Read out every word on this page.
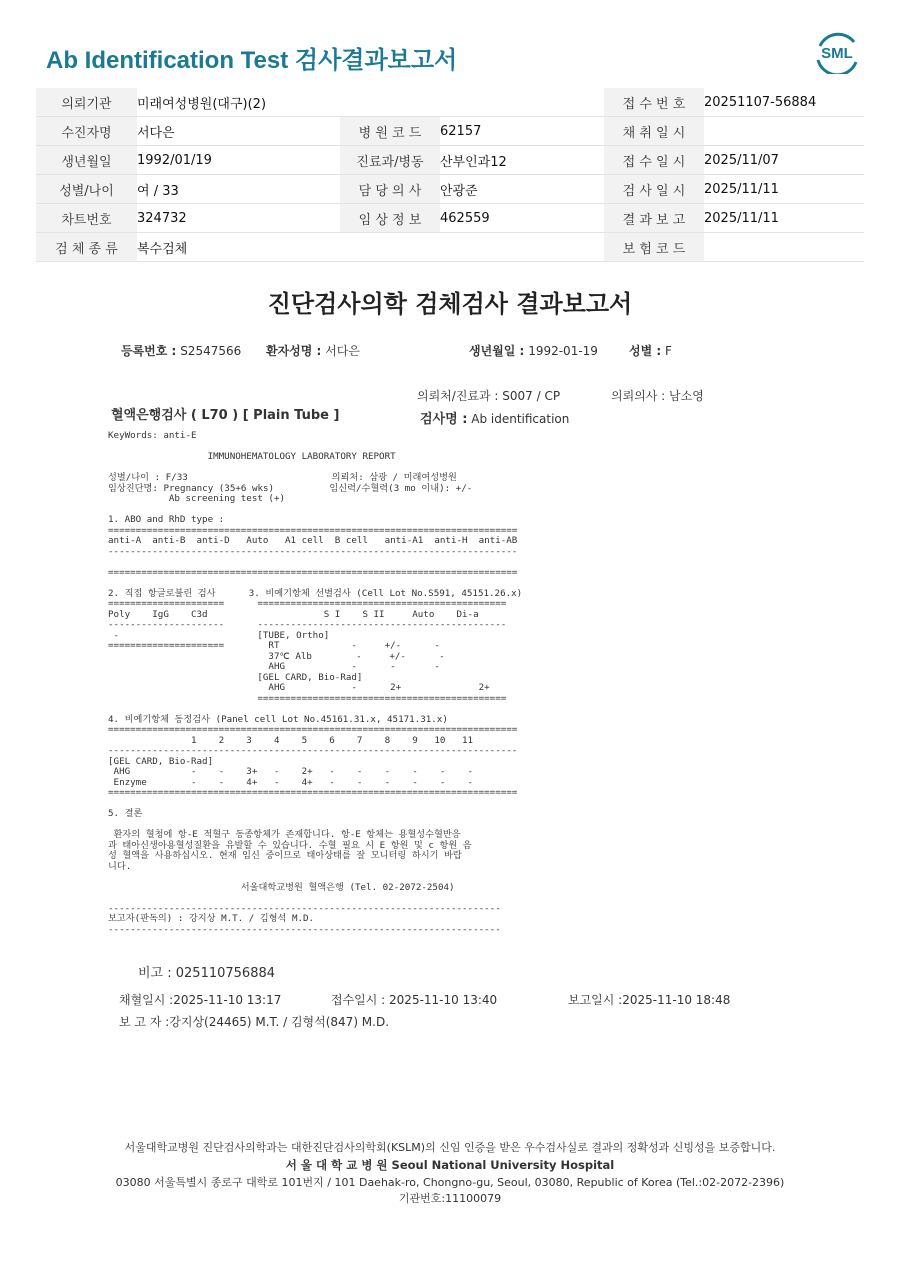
Ab Identification Test 검사결과보고서	SML
의뢰기관	미래여성병원(대구)(2)			접 수 번 호	20251107-56884
수진자명	서다은	병 원 코 드	62157	채 취 일 시	
생년월일	1992/01/19	진료과/병동	산부인과12	접 수 일 시	2025/11/07
성별/나이	여 / 33	담 당 의 사	안광준	검 사 일 시	2025/11/11
차트번호	324732	임 상 정 보	462559	결 과 보 고	2025/11/11
검 체 종 류	복수검체			보 험 코 드	
진단검사의학 검체검사 결과보고서
등록번호 : S2547566 환자성명 : 서다은	생년월일 : 1992-01-19	성별 : F
의뢰처/진료과 : S007 / CP	의뢰의사 : 남소영
혈액은행검사 ( L70 ) [ Plain Tube ]	검사명 : Ab identification
KeyWords: anti-E

IMMUNOHEMATOLOGY LABORATORY REPORT

성별/나이 : F/33                          의뢰처: 삼광 / 미래여성병원
임상진단명: Pregnancy (35+6 wks)          임신력/수혈력(3 mo 이내): +/-
Ab screening test (+)

1. ABO and RhD type :
==========================================================================
anti-A  anti-B  anti-D   Auto   A1 cell  B cell   anti-A1  anti-H  anti-AB
--------------------------------------------------------------------------

==========================================================================

2. 직접 항글로불린 검사      3. 비예기항체 선별검사 (Cell Lot No.S591, 45151.26.x)
=====================      =============================================
Poly    IgG    C3d                     S I    S II     Auto    Di-a
---------------------      ---------------------------------------------
-                         [TUBE, Ortho]
=====================        RT             -     +/-      -
37℃ Alb        -     +/-      -
AHG            -      -       -
[GEL CARD, Bio-Rad]
AHG            -      2+              2+
=============================================

4. 비예기항체 동정검사 (Panel cell Lot No.45161.31.x, 45171.31.x)
==========================================================================
1    2    3    4    5    6    7    8    9   10   11
--------------------------------------------------------------------------
[GEL CARD, Bio-Rad]
AHG           -    -    3+   -    2+   -    -    -    -    -    -
Enzyme        -    -    4+   -    4+   -    -    -    -    -    -
==========================================================================

5. 결론

환자의 혈청에 항-E 적혈구 동종항체가 존재합니다. 항-E 항체는 용혈성수혈반응
과 태아신생아용혈성질환을 유발할 수 있습니다. 수혈 필요 시 E 항원 및 c 항원 음
성 혈액을 사용하십시오. 현재 임신 중이므로 태아상태를 잘 모니터링 하시기 바랍
니다.

서울대학교병원 혈액은행 (Tel. 02-2072-2504)

-----------------------------------------------------------------------
보고자(판독의) : 강지상 M.T. / 김형석 M.D.
-----------------------------------------------------------------------
비고 : 025110756884
채혈일시 :2025-11-10 13:17	접수일시 : 2025-11-10 13:40	보고일시 :2025-11-10 18:48
보 고 자 :강지상(24465) M.T. / 김형석(847) M.D.
서울대학교병원 진단검사의학과는 대한진단검사의학회(KSLM)의 신임 인증을 받은 우수검사실로 결과의 정확성과 신빙성을 보증합니다.
서 울 대 학 교 병 원 Seoul National University Hospital
03080 서울특별시 종로구 대학로 101번지 / 101 Daehak-ro, Chongno-gu, Seoul, 03080, Republic of Korea (Tel.:02-2072-2396)
기관번호:11100079
